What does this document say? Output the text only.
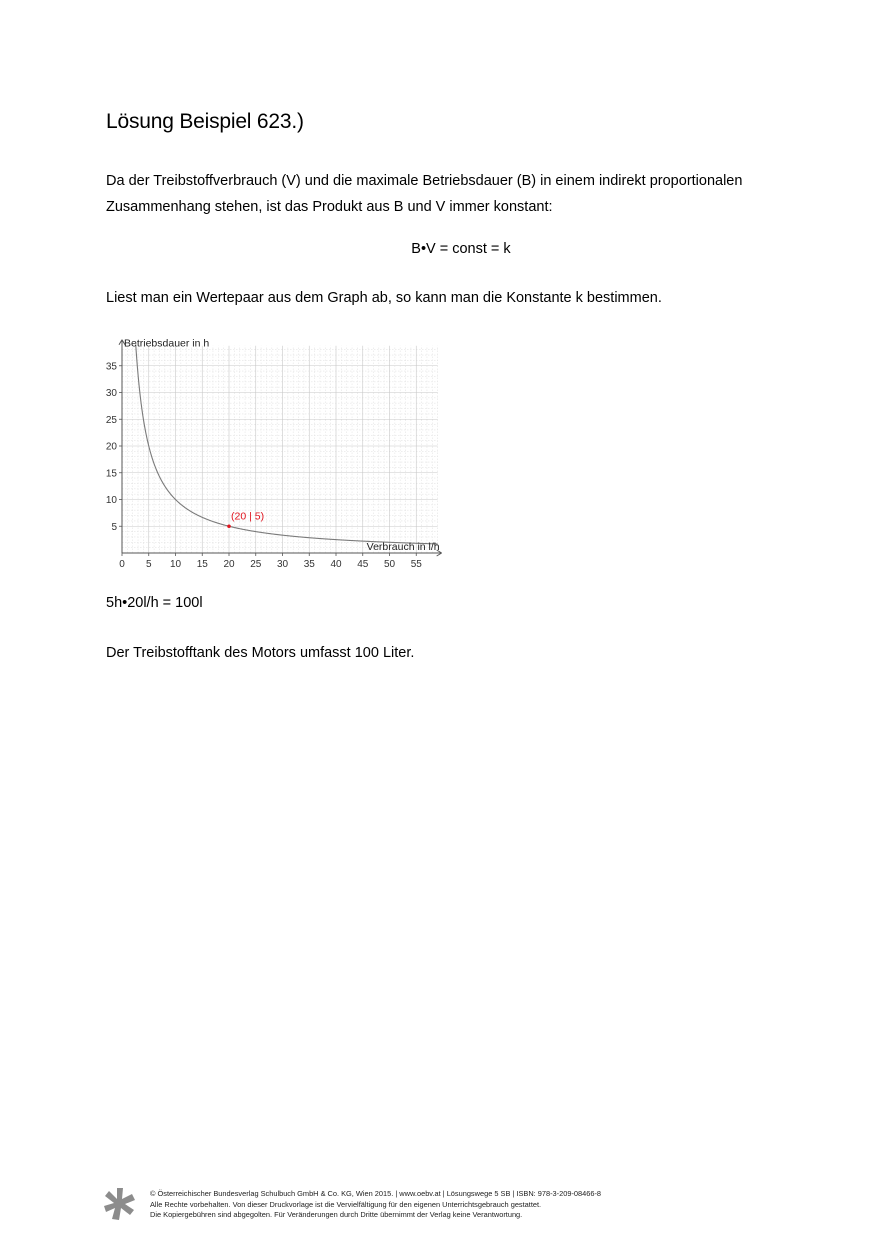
Lösung Beispiel 623.)

Da der Treibstoffverbrauch (V) und die maximale Betriebsdauer (B) in einem indirekt proportionalen Zusammenhang stehen, ist das Produkt aus B und V immer konstant:

B•V = const = k

Liest man ein Wertepaar aus dem Graph ab, so kann man die Konstante k bestimmen.

0 5 10 15 20 25 30 35 40 45 50 55
5
10
15
20
25
30
35
(20 | 5)
Verbrauch in l/h
Betriebsdauer in h

5h•20l/h = 100l

Der Treibstofftank des Motors umfasst 100 Liter.

© Österreichischer Bundesverlag Schulbuch GmbH & Co. KG, Wien 2015. | www.oebv.at | Lösungswege 5 SB | ISBN: 978-3-209-08466-8
Alle Rechte vorbehalten. Von dieser Druckvorlage ist die Vervielfältigung für den eigenen Unterrichtsgebrauch gestattet.
Die Kopiergebühren sind abgegolten. Für Veränderungen durch Dritte übernimmt der Verlag keine Verantwortung.
